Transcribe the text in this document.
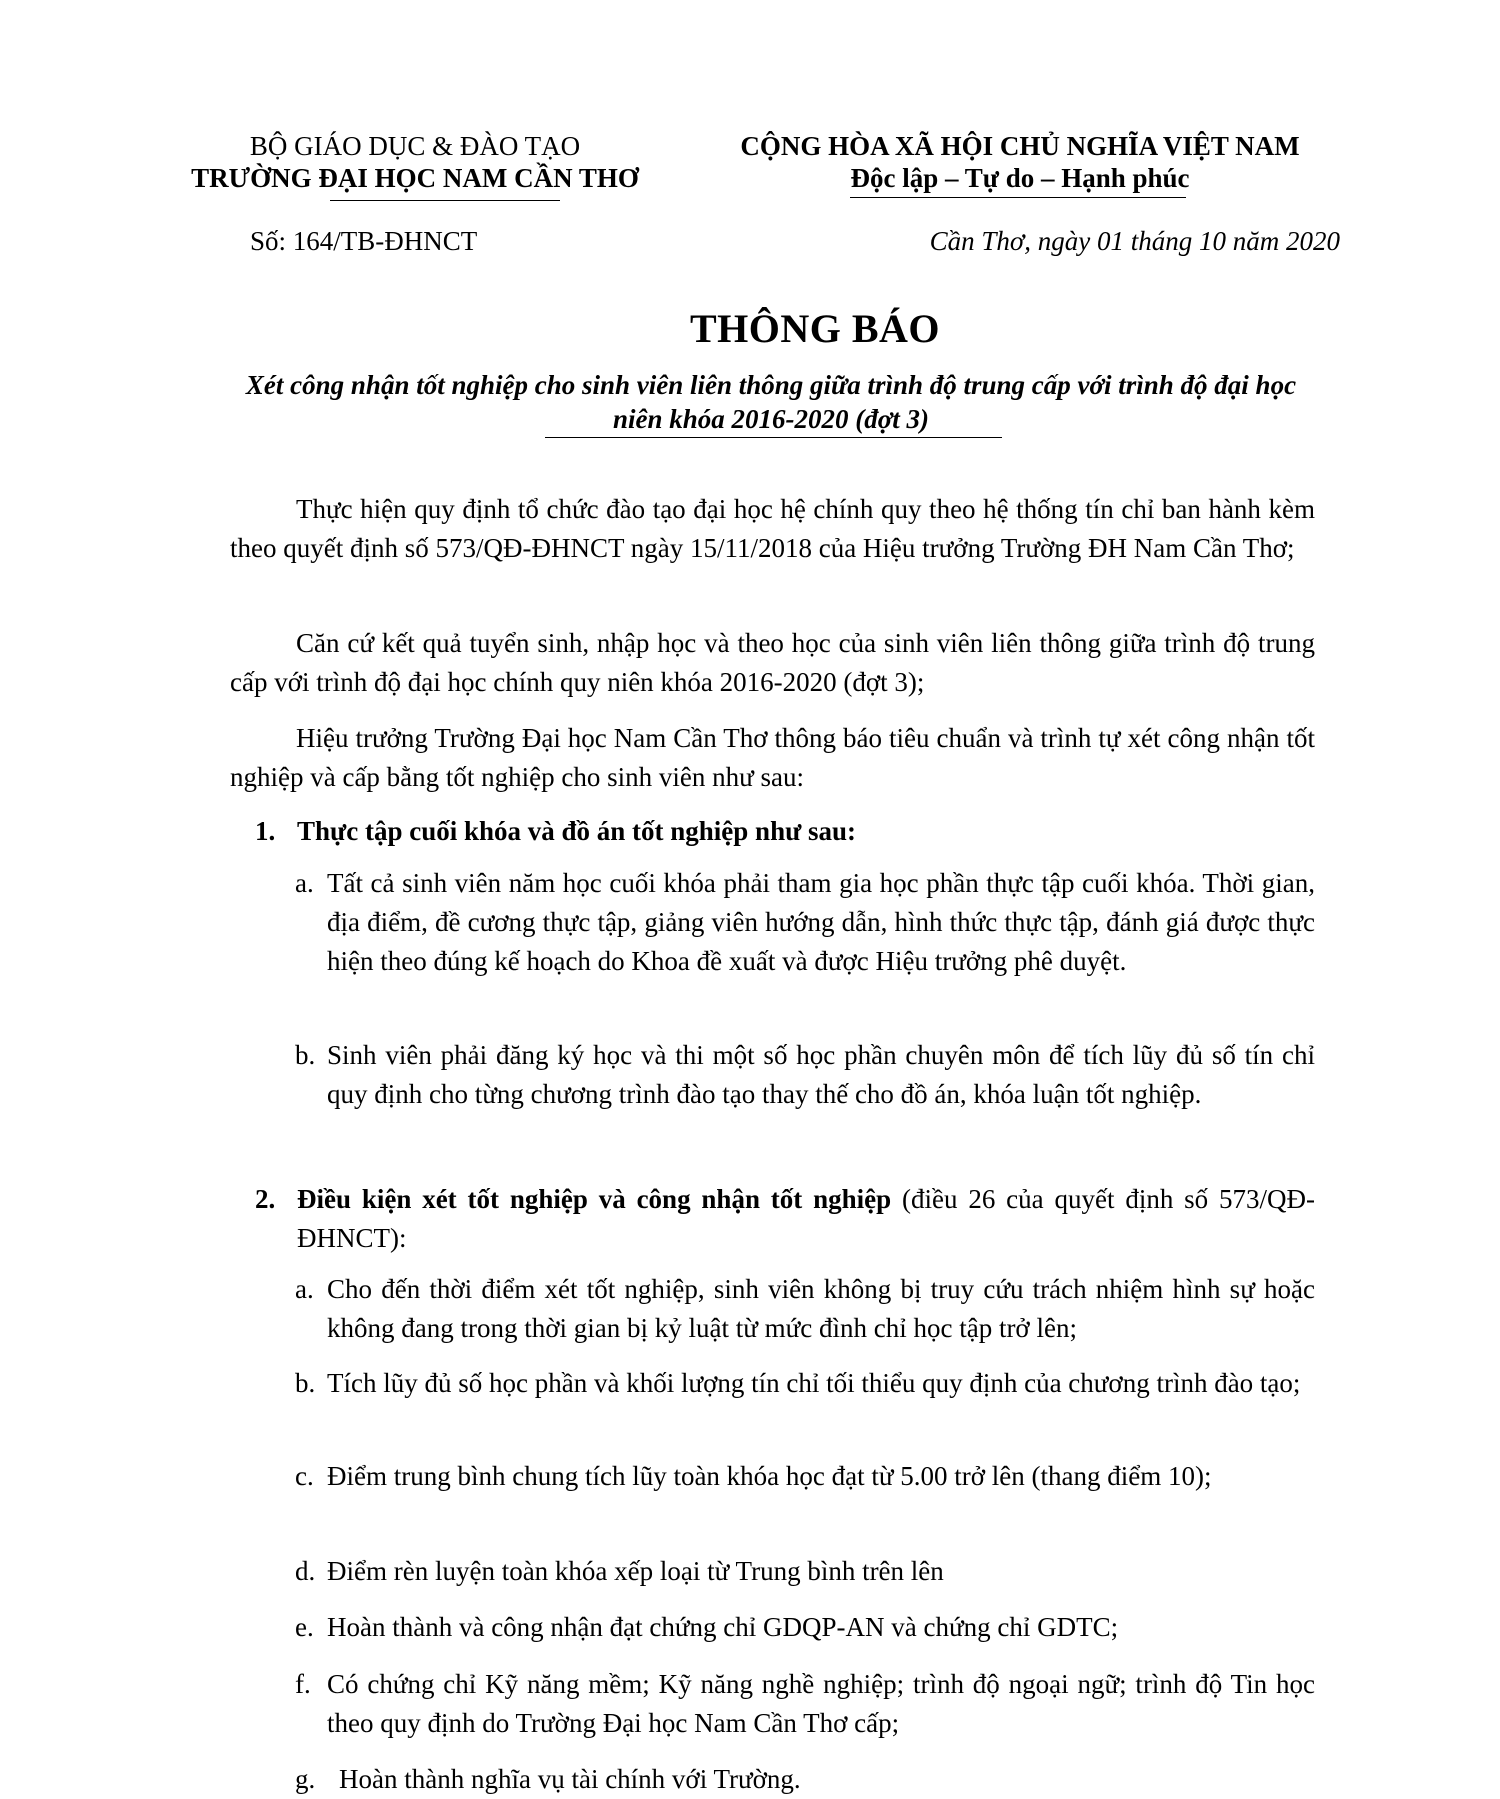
BỘ GIÁO DỤC & ĐÀO TẠO
TRƯỜNG ĐẠI HỌC NAM CẦN THƠ
CỘNG HÒA XÃ HỘI CHỦ NGHĨA VIỆT NAM
Độc lập – Tự do – Hạnh phúc
Số: 164/TB-ĐHNCT	Cần Thơ, ngày 01 tháng 10 năm 2020
THÔNG BÁO
Xét công nhận tốt nghiệp cho sinh viên liên thông giữa trình độ trung cấp với trình độ đại học niên khóa 2016-2020 (đợt 3)
Thực hiện quy định tổ chức đào tạo đại học hệ chính quy theo hệ thống tín chỉ ban hành kèm theo quyết định số 573/QĐ-ĐHNCT ngày 15/11/2018 của Hiệu trưởng Trường ĐH Nam Cần Thơ;
Căn cứ kết quả tuyển sinh, nhập học và theo học của sinh viên liên thông giữa trình độ trung cấp với trình độ đại học chính quy niên khóa 2016-2020 (đợt 3);
Hiệu trưởng Trường Đại học Nam Cần Thơ thông báo tiêu chuẩn và trình tự xét công nhận tốt nghiệp và cấp bằng tốt nghiệp cho sinh viên như sau:
1. Thực tập cuối khóa và đồ án tốt nghiệp như sau:
a. Tất cả sinh viên năm học cuối khóa phải tham gia học phần thực tập cuối khóa. Thời gian, địa điểm, đề cương thực tập, giảng viên hướng dẫn, hình thức thực tập, đánh giá được thực hiện theo đúng kế hoạch do Khoa đề xuất và được Hiệu trưởng phê duyệt.
b. Sinh viên phải đăng ký học và thi một số học phần chuyên môn để tích lũy đủ số tín chỉ quy định cho từng chương trình đào tạo thay thế cho đồ án, khóa luận tốt nghiệp.
2. Điều kiện xét tốt nghiệp và công nhận tốt nghiệp (điều 26 của quyết định số 573/QĐ-ĐHNCT):
a. Cho đến thời điểm xét tốt nghiệp, sinh viên không bị truy cứu trách nhiệm hình sự hoặc không đang trong thời gian bị kỷ luật từ mức đình chỉ học tập trở lên;
b. Tích lũy đủ số học phần và khối lượng tín chỉ tối thiểu quy định của chương trình đào tạo;
c. Điểm trung bình chung tích lũy toàn khóa học đạt từ 5.00 trở lên (thang điểm 10);
d. Điểm rèn luyện toàn khóa xếp loại từ Trung bình trên lên
e. Hoàn thành và công nhận đạt chứng chỉ GDQP-AN và chứng chỉ GDTC;
f. Có chứng chỉ Kỹ năng mềm; Kỹ năng nghề nghiệp; trình độ ngoại ngữ; trình độ Tin học theo quy định do Trường Đại học Nam Cần Thơ cấp;
g. Hoàn thành nghĩa vụ tài chính với Trường.
